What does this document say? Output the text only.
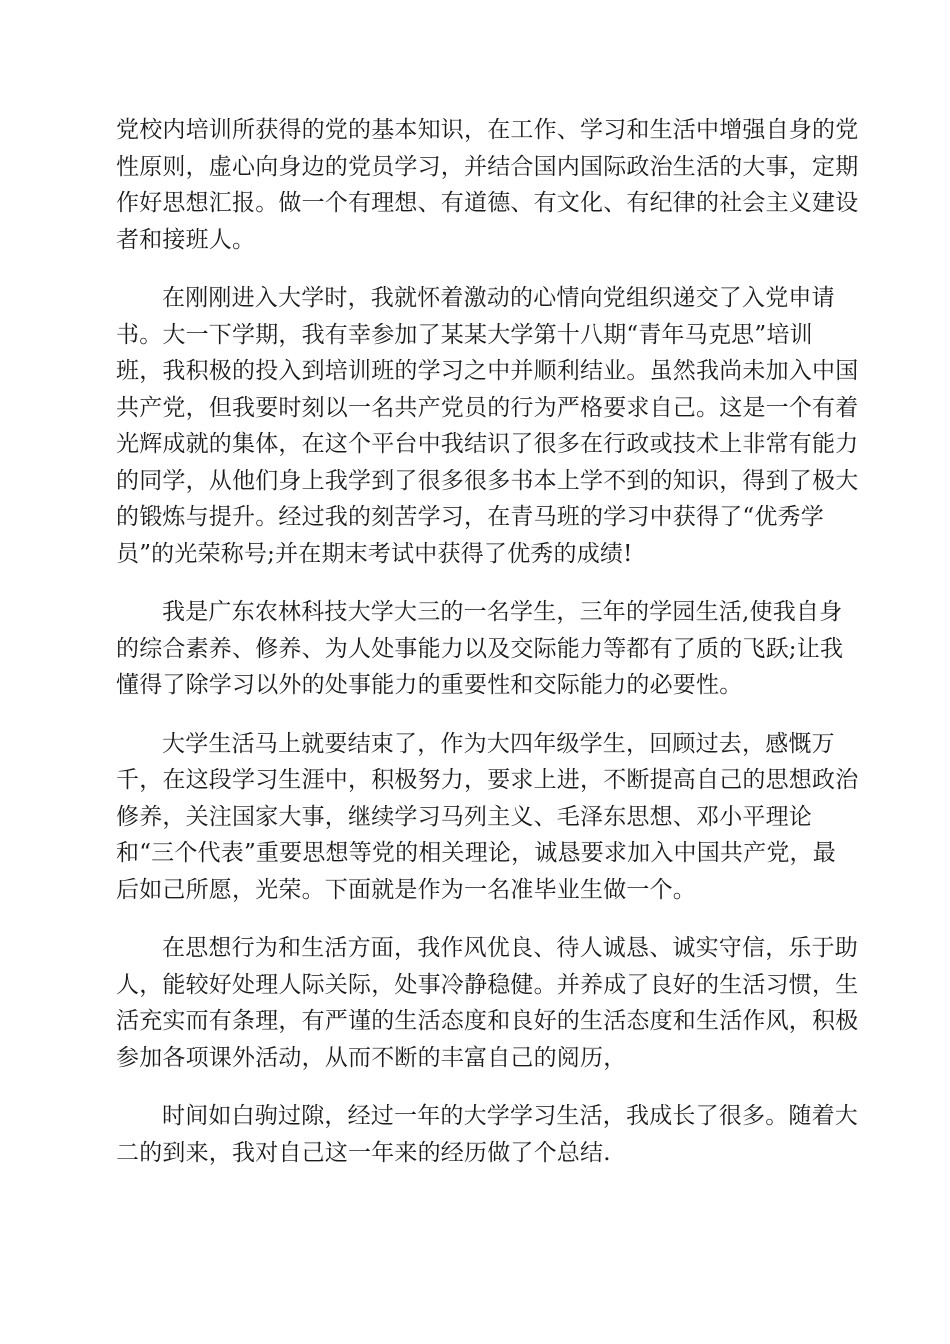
党校内培训所获得的党的基本知识，在工作、学习和生活中增强自身的党
性原则，虚心向身边的党员学习，并结合国内国际政治生活的大事，定期
作好思想汇报。做一个有理想、有道德、有文化、有纪律的社会主义建设
者和接班人。

在刚刚进入大学时，我就怀着激动的心情向党组织递交了入党申请
书。大一下学期，我有幸参加了某某大学第十八期“青年马克思”培训
班，我积极的投入到培训班的学习之中并顺利结业。虽然我尚未加入中国
共产党，但我要时刻以一名共产党员的行为严格要求自己。这是一个有着
光辉成就的集体，在这个平台中我结识了很多在行政或技术上非常有能力
的同学，从他们身上我学到了很多很多书本上学不到的知识，得到了极大
的锻炼与提升。经过我的刻苦学习，在青马班的学习中获得了“优秀学
员”的光荣称号;并在期末考试中获得了优秀的成绩!

我是广东农林科技大学大三的一名学生，三年的学园生活,使我自身
的综合素养、修养、为人处事能力以及交际能力等都有了质的飞跃;让我
懂得了除学习以外的处事能力的重要性和交际能力的必要性。

大学生活马上就要结束了，作为大四年级学生，回顾过去，感慨万
千，在这段学习生涯中，积极努力，要求上进，不断提高自己的思想政治
修养，关注国家大事，继续学习马列主义、毛泽东思想、邓小平理论
和“三个代表”重要思想等党的相关理论，诚恳要求加入中国共产党，最
后如己所愿，光荣。下面就是作为一名准毕业生做一个。

在思想行为和生活方面，我作风优良、待人诚恳、诚实守信，乐于助
人，能较好处理人际关际，处事冷静稳健。并养成了良好的生活习惯，生
活充实而有条理，有严谨的生活态度和良好的生活态度和生活作风，积极
参加各项课外活动，从而不断的丰富自己的阅历，

时间如白驹过隙，经过一年的大学学习生活，我成长了很多。随着大
二的到来，我对自己这一年来的经历做了个总结.
